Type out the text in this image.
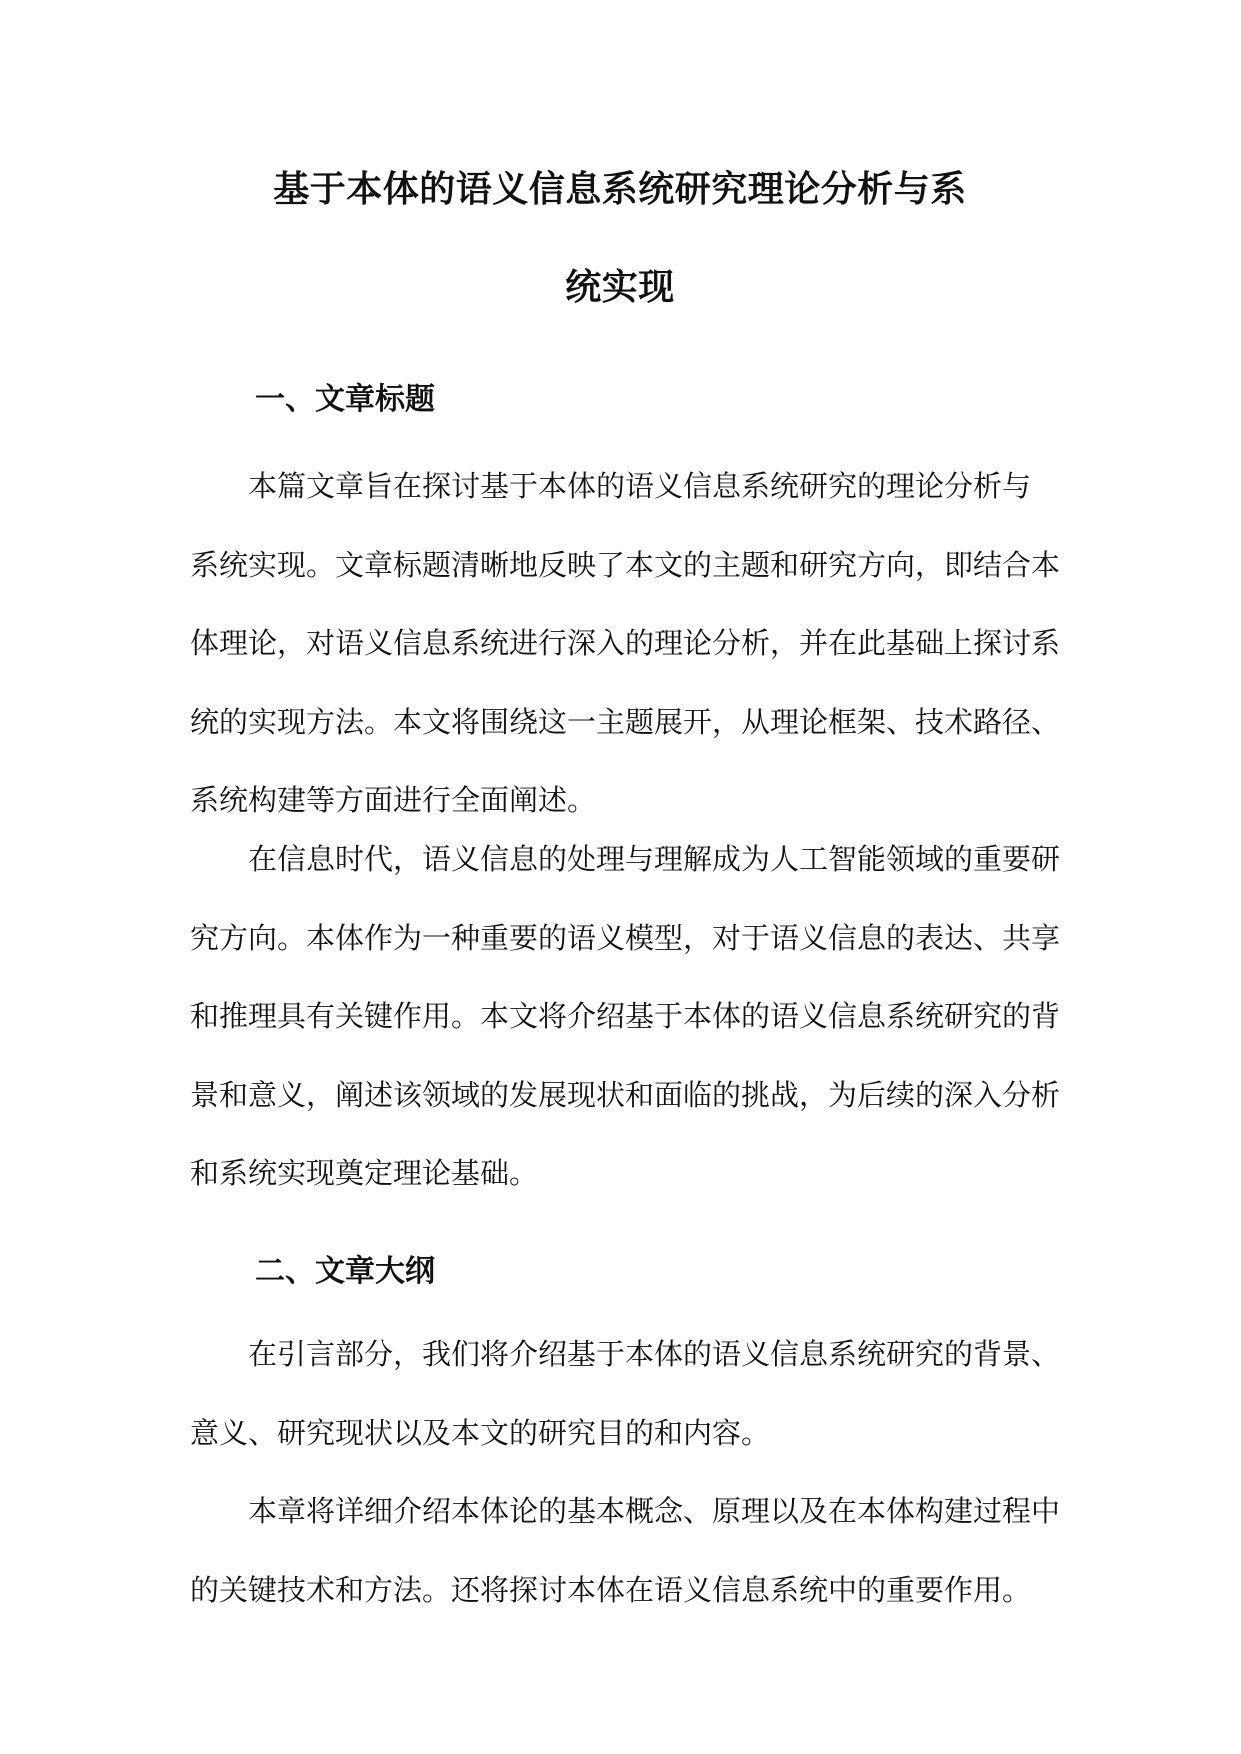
基于本体的语义信息系统研究理论分析与系
统实现
一、文章标题
本篇文章旨在探讨基于本体的语义信息系统研究的理论分析与
系统实现。文章标题清晰地反映了本文的主题和研究方向，即结合本
体理论，对语义信息系统进行深入的理论分析，并在此基础上探讨系
统的实现方法。本文将围绕这一主题展开，从理论框架、技术路径、
系统构建等方面进行全面阐述。
在信息时代，语义信息的处理与理解成为人工智能领域的重要研
究方向。本体作为一种重要的语义模型，对于语义信息的表达、共享
和推理具有关键作用。本文将介绍基于本体的语义信息系统研究的背
景和意义，阐述该领域的发展现状和面临的挑战，为后续的深入分析
和系统实现奠定理论基础。
二、文章大纲
在引言部分，我们将介绍基于本体的语义信息系统研究的背景、
意义、研究现状以及本文的研究目的和内容。
本章将详细介绍本体论的基本概念、原理以及在本体构建过程中
的关键技术和方法。还将探讨本体在语义信息系统中的重要作用。
